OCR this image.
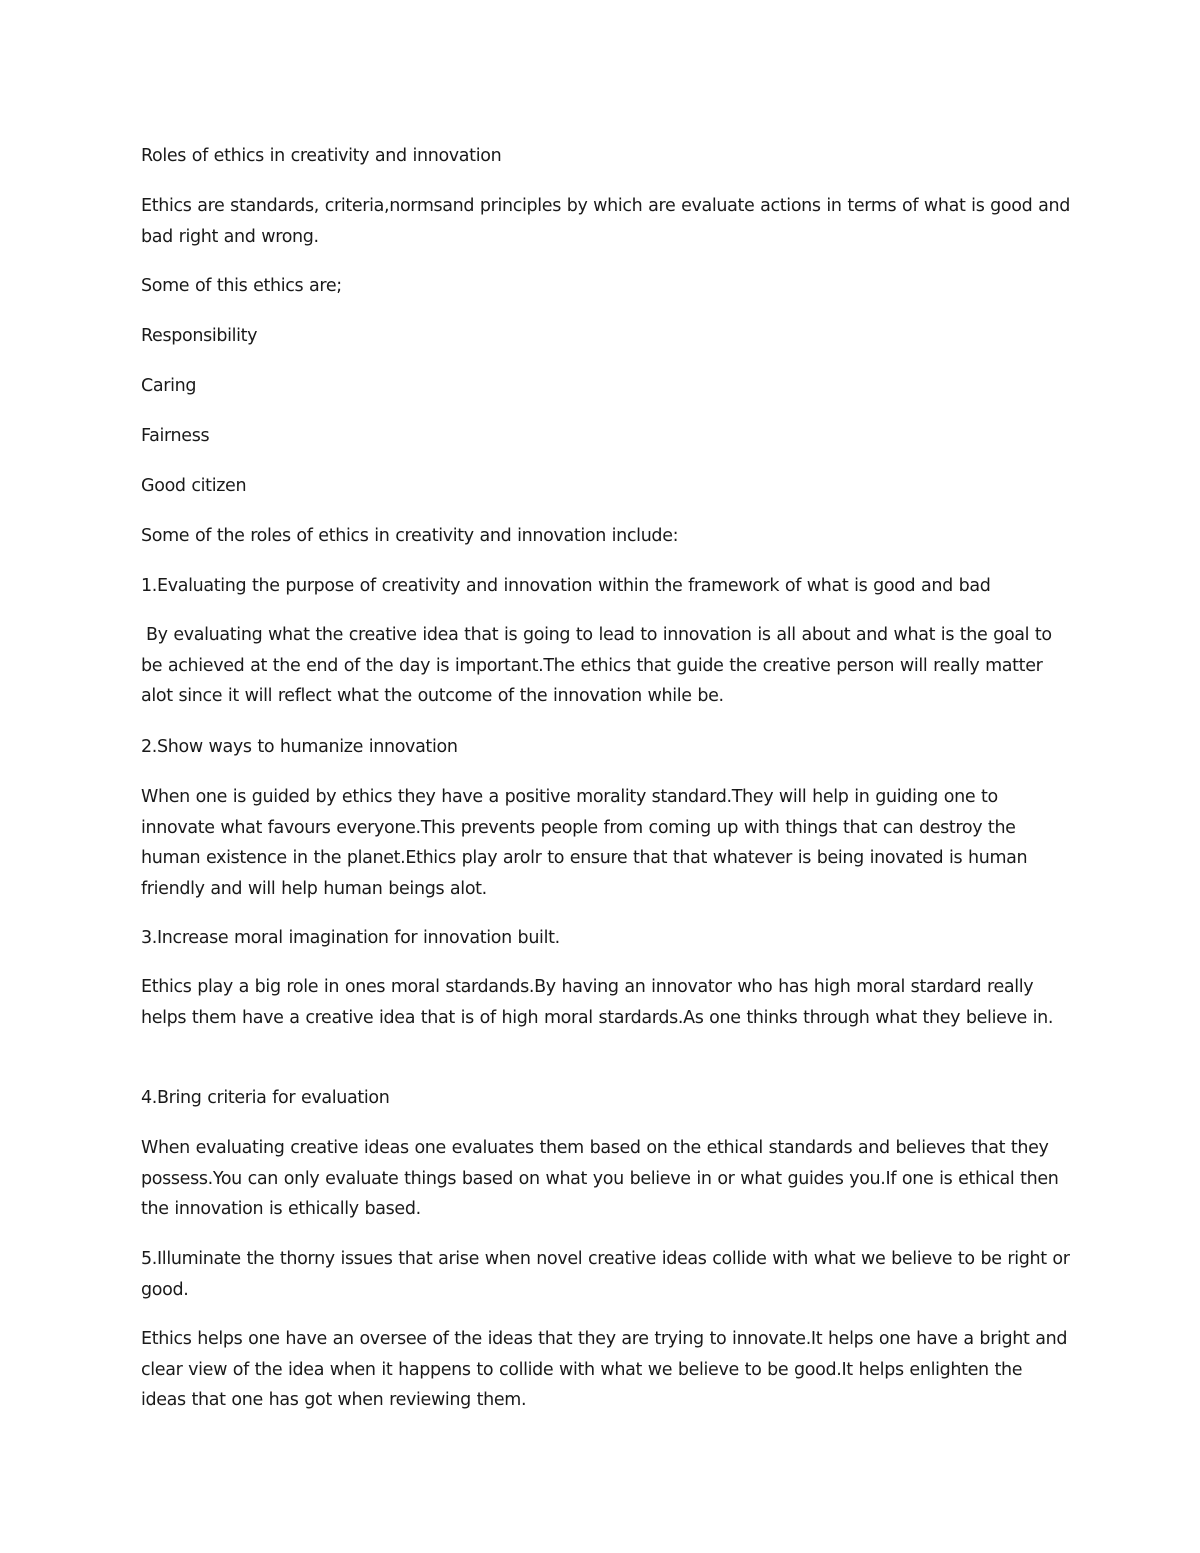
Roles of ethics in creativity and innovation

Ethics are standards, criteria,normsand principles by which are evaluate actions in terms of what is good and bad right and wrong.

Some of this ethics are;

Responsibility

Caring

Fairness

Good citizen

Some of the roles of ethics in creativity and innovation include:

1.Evaluating the purpose of creativity and innovation within the framework of what is good and bad

By evaluating what the creative idea that is going to lead to innovation is all about and what is the goal to be achieved at the end of the day is important.The ethics that guide the creative person will really matter alot since it will reflect what the outcome of the innovation while be.

2.Show ways to humanize innovation

When one is guided by ethics they have a positive morality standard.They will help in guiding one to innovate what favours everyone.This prevents people from coming up with things that can destroy the human existence in the planet.Ethics play arolr to ensure that that whatever is being inovated is human friendly and will help human beings alot.

3.Increase moral imagination for innovation built.

Ethics play a big role in ones moral stardands.By having an innovator who has high moral stardard really helps them have a creative idea that is of high moral stardards.As one thinks through what they believe in.

4.Bring criteria for evaluation

When evaluating creative ideas one evaluates them based on the ethical standards and believes that they possess.You can only evaluate things based on what you believe in or what guides you.If one is ethical then the innovation is ethically based.

5.Illuminate the thorny issues that arise when novel creative ideas collide with what we believe to be right or good.

Ethics helps one have an oversee of the ideas that they are trying to innovate.It helps one have a bright and clear view of the idea when it happens to collide with what we believe to be good.It helps enlighten the ideas that one has got when reviewing them.
